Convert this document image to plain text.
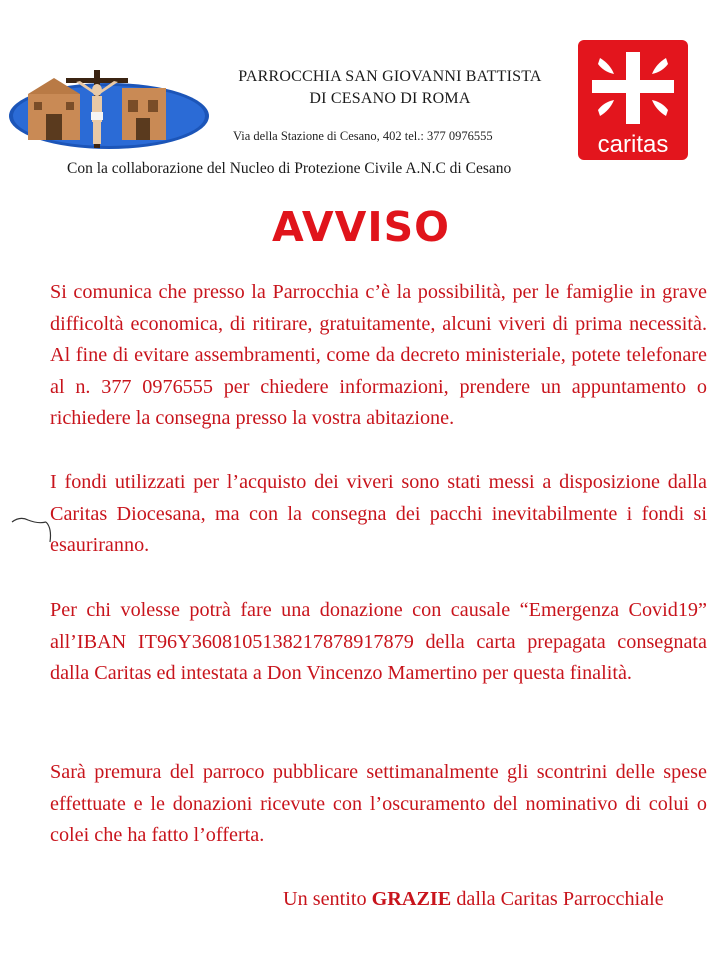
PARROCCHIA SAN GIOVANNI BATTISTA
DI CESANO DI ROMA
Via della Stazione di Cesano, 402 tel.: 377 0976555
Con la collaborazione del Nucleo di Protezione Civile A.N.C di Cesano
caritas
AVVISO
Si comunica che presso la Parrocchia c’è la possibilità, per le famiglie in grave difficoltà economica, di ritirare, gratuitamente, alcuni viveri di prima necessità. Al fine di evitare assembramenti, come da decreto ministeriale, potete telefonare al n. 377 0976555 per chiedere informazioni, prendere un appuntamento o richiedere la consegna presso la vostra abitazione.
I fondi utilizzati per l’acquisto dei viveri sono stati messi a disposizione dalla Caritas Diocesana, ma con la consegna dei pacchi inevitabilmente i fondi si esauriranno.
Per chi volesse potrà fare una donazione con causale “Emergenza Covid19” all’IBAN IT96Y3608105138217878917879 della carta prepagata consegnata dalla Caritas ed intestata a Don Vincenzo Mamertino per questa finalità.
Sarà premura del parroco pubblicare settimanalmente gli scontrini delle spese effettuate e le donazioni ricevute con l’oscuramento del nominativo di colui o colei che ha fatto l’offerta.
Un sentito GRAZIE dalla Caritas Parrocchiale
